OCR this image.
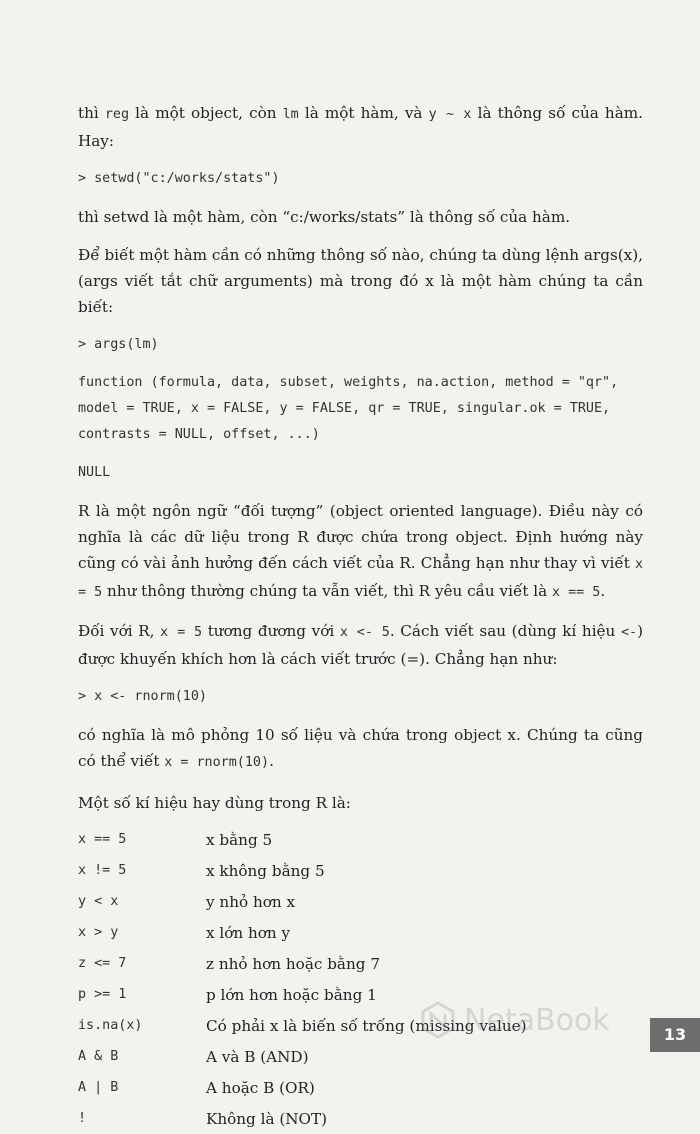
thì reg là một object, còn lm là một hàm, và y ~ x là thông số của hàm. Hay:

> setwd("c:/works/stats")

thì setwd là một hàm, còn “c:/works/stats” là thông số của hàm.

Để biết một hàm cần có những thông số nào, chúng ta dùng lệnh args(x), (args viết tắt chữ arguments) mà trong đó x là một hàm chúng ta cần biết:

> args(lm)
function (formula, data, subset, weights, na.action, method = "qr", model = TRUE, x = FALSE, y = FALSE, qr = TRUE, singular.ok = TRUE, contrasts = NULL, offset, ...)
NULL

R là một ngôn ngữ “đối tượng” (object oriented language). Điều này có nghĩa là các dữ liệu trong R được chứa trong object. Định hướng này cũng có vài ảnh hưởng đến cách viết của R. Chẳng hạn như thay vì viết x = 5 như thông thường chúng ta vẫn viết, thì R yêu cầu viết là x == 5.

Đối với R, x = 5 tương đương với x <- 5. Cách viết sau (dùng kí hiệu <-) được khuyến khích hơn là cách viết trước (=). Chẳng hạn như:

> x <- rnorm(10)

có nghĩa là mô phỏng 10 số liệu và chứa trong object x. Chúng ta cũng có thể viết x = rnorm(10).

Một số kí hiệu hay dùng trong R là:

x == 5	x bằng 5
x != 5	x không bằng 5
y < x	y nhỏ hơn x
x > y	x lớn hơn y
z <= 7	z nhỏ hơn hoặc bằng 7
p >= 1	p lớn hơn hoặc bằng 1
is.na(x)	Có phải x là biến số trống (missing value)
A & B	A và B (AND)
A | B	A hoặc B (OR)
!	Không là (NOT)
NetaBook	13
